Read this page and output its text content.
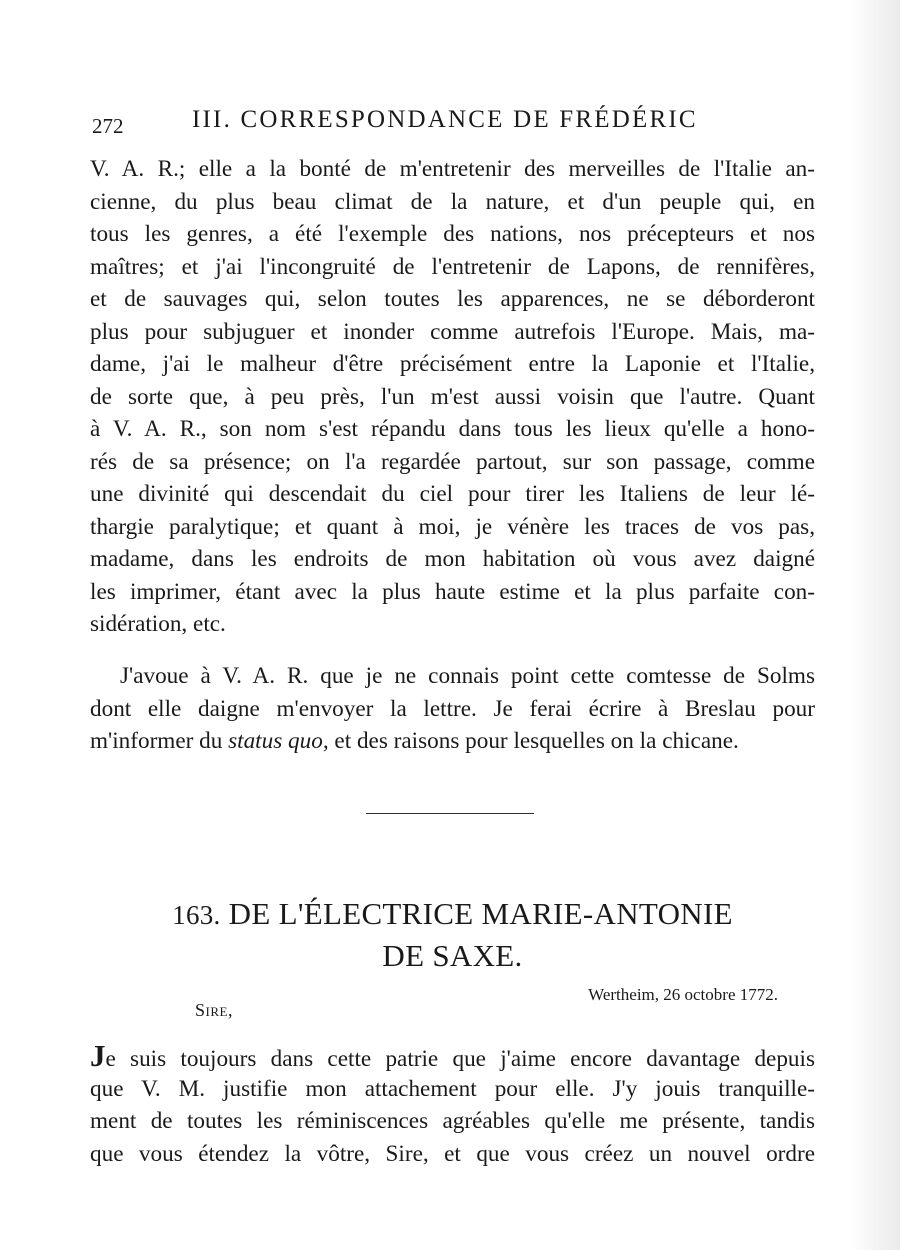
272	III. CORRESPONDANCE DE FRÉDÉRIC
V. A. R.; elle a la bonté de m'entretenir des merveilles de l'Italie an-
cienne, du plus beau climat de la nature, et d'un peuple qui, en
tous les genres, a été l'exemple des nations, nos précepteurs et nos
maîtres; et j'ai l'incongruité de l'entretenir de Lapons, de rennifères,
et de sauvages qui, selon toutes les apparences, ne se déborderont
plus pour subjuguer et inonder comme autrefois l'Europe. Mais, ma-
dame, j'ai le malheur d'être précisément entre la Laponie et l'Italie,
de sorte que, à peu près, l'un m'est aussi voisin que l'autre. Quant
à V. A. R., son nom s'est répandu dans tous les lieux qu'elle a hono-
rés de sa présence; on l'a regardée partout, sur son passage, comme
une divinité qui descendait du ciel pour tirer les Italiens de leur lé-
thargie paralytique; et quant à moi, je vénère les traces de vos pas,
madame, dans les endroits de mon habitation où vous avez daigné
les imprimer, étant avec la plus haute estime et la plus parfaite con-
sidération, etc.
J'avoue à V. A. R. que je ne connais point cette comtesse de Solms
dont elle daigne m'envoyer la lettre. Je ferai écrire à Breslau pour
m'informer du status quo, et des raisons pour lesquelles on la chicane.
163. DE L'ÉLECTRICE MARIE-ANTONIE
DE SAXE.
Wertheim, 26 octobre 1772.
Sire,
Je suis toujours dans cette patrie que j'aime encore davantage depuis
que V. M. justifie mon attachement pour elle. J'y jouis tranquille-
ment de toutes les réminiscences agréables qu'elle me présente, tandis
que vous étendez la vôtre, Sire, et que vous créez un nouvel ordre
